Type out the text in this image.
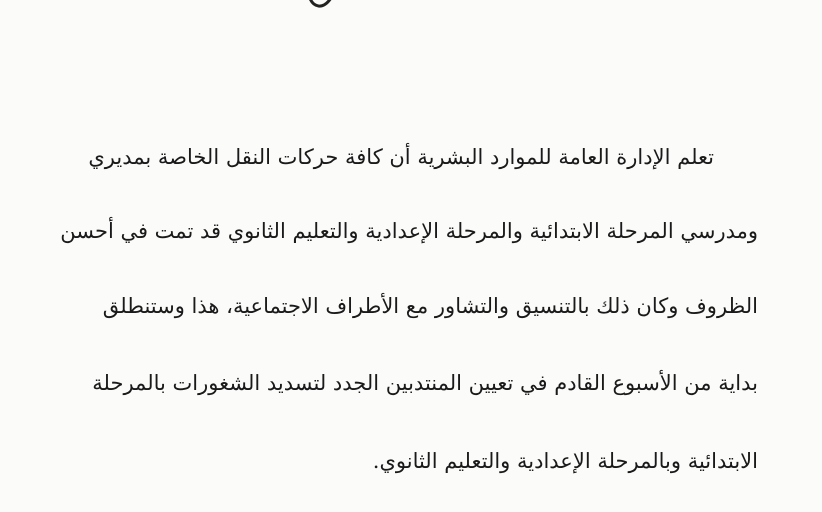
تعلم الإدارة العامة للموارد البشرية أن كافة حركات النقل الخاصة بمديري
ومدرسي المرحلة الابتدائية والمرحلة الإعدادية والتعليم الثانوي قد تمت في أحسن
الظروف وكان ذلك بالتنسيق والتشاور مع الأطراف الاجتماعية، هذا وستنطلق
بداية من الأسبوع القادم في تعيين المنتدبين الجدد لتسديد الشغورات بالمرحلة
الابتدائية وبالمرحلة الإعدادية والتعليم الثانوي.
